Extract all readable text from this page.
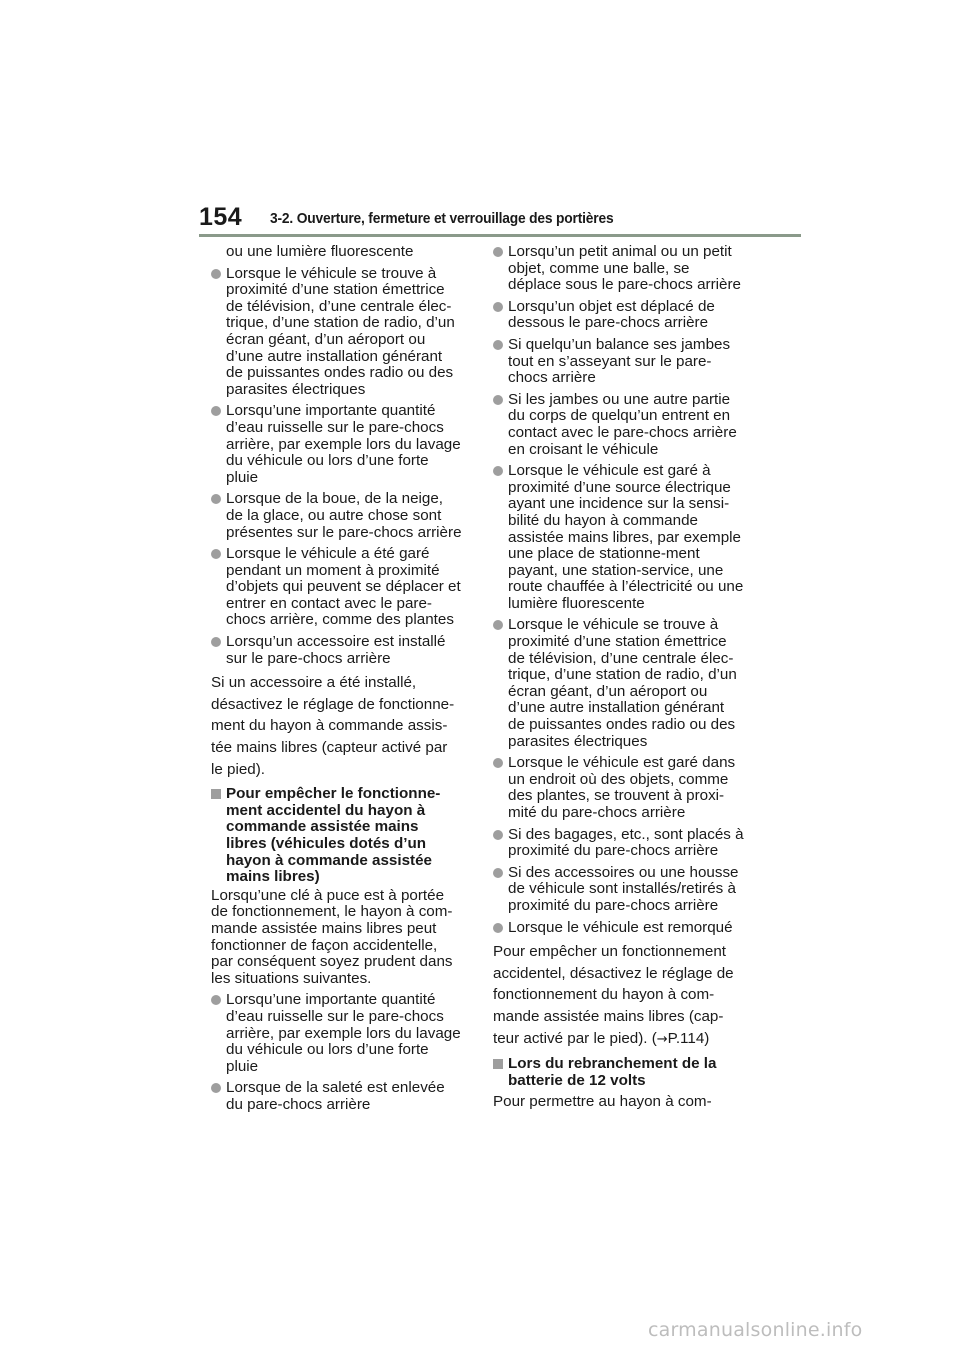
154 3-2. Ouverture, fermeture et verrouillage des portières
ou une lumière fluorescente
Lorsque le véhicule se trouve à proximité d’une station émettrice de télévision, d’une centrale élec-trique, d’une station de radio, d’un écran géant, d’un aéroport ou d’une autre installation générant de puissantes ondes radio ou des parasites électriques
Lorsqu’une importante quantité d’eau ruisselle sur le pare-chocs arrière, par exemple lors du lavage du véhicule ou lors d’une forte pluie
Lorsque de la boue, de la neige, de la glace, ou autre chose sont présentes sur le pare-chocs arrière
Lorsque le véhicule a été garé pendant un moment à proximité d’objets qui peuvent se déplacer et entrer en contact avec le pare-chocs arrière, comme des plantes
Lorsqu’un accessoire est installé sur le pare-chocs arrière

Si un accessoire a été installé, désactivez le réglage de fonctionne-ment du hayon à commande assis-tée mains libres (capteur activé par le pied).

Pour empêcher le fonctionne-ment accidentel du hayon à commande assistée mains libres (véhicules dotés d’un hayon à commande assistée mains libres)

Lorsqu’une clé à puce est à portée de fonctionnement, le hayon à com-mande assistée mains libres peut fonctionner de façon accidentelle, par conséquent soyez prudent dans les situations suivantes.

Lorsqu’une importante quantité d’eau ruisselle sur le pare-chocs arrière, par exemple lors du lavage du véhicule ou lors d’une forte pluie
Lorsque de la saleté est enlevée du pare-chocs arrière
Lorsqu’un petit animal ou un petit objet, comme une balle, se déplace sous le pare-chocs arrière
Lorsqu’un objet est déplacé de dessous le pare-chocs arrière
Si quelqu’un balance ses jambes tout en s’asseyant sur le pare-chocs arrière
Si les jambes ou une autre partie du corps de quelqu’un entrent en contact avec le pare-chocs arrière en croisant le véhicule
Lorsque le véhicule est garé à proximité d’une source électrique ayant une incidence sur la sensi-bilité du hayon à commande assistée mains libres, par exemple une place de stationne-ment payant, une station-service, une route chauffée à l’électricité ou une lumière fluorescente
Lorsque le véhicule se trouve à proximité d’une station émettrice de télévision, d’une centrale élec-trique, d’une station de radio, d’un écran géant, d’un aéroport ou d’une autre installation générant de puissantes ondes radio ou des parasites électriques
Lorsque le véhicule est garé dans un endroit où des objets, comme des plantes, se trouvent à proxi-mité du pare-chocs arrière
Si des bagages, etc., sont placés à proximité du pare-chocs arrière
Si des accessoires ou une housse de véhicule sont installés/retirés à proximité du pare-chocs arrière
Lorsque le véhicule est remorqué

Pour empêcher un fonctionnement accidentel, désactivez le réglage de fonctionnement du hayon à com-mande assistée mains libres (cap-teur activé par le pied). (→P.114)

Lors du rebranchement de la batterie de 12 volts

Pour permettre au hayon à com-

carmanualsonline.info
